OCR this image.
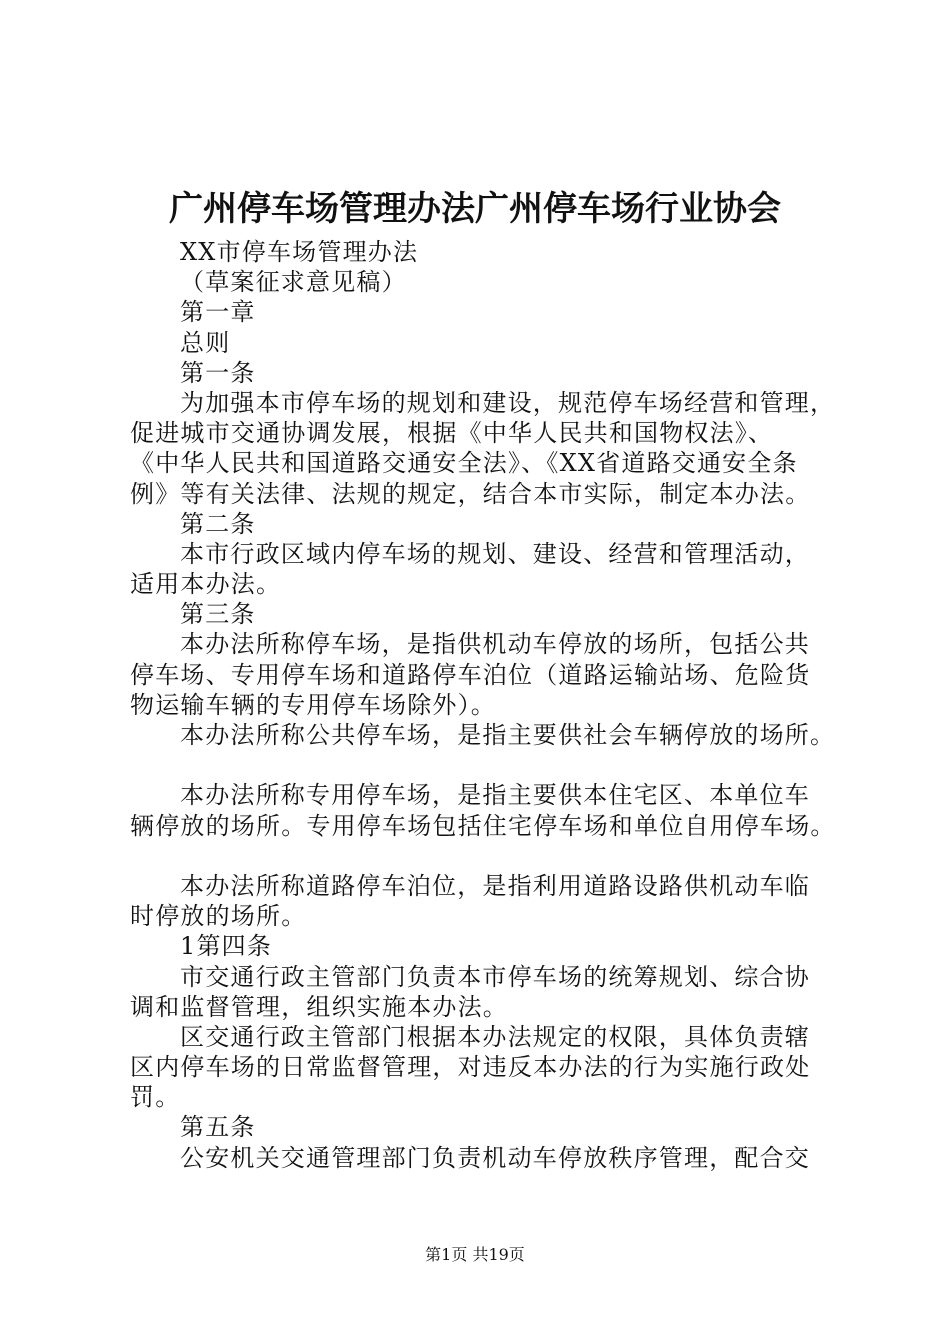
广州停车场管理办法广州停车场行业协会
XX市停车场管理办法
（草案征求意见稿）
第一章
总则
第一条
为加强本市停车场的规划和建设，规范停车场经营和管理，
促进城市交通协调发展，根据《中华人民共和国物权法》、
《中华人民共和国道路交通安全法》、《XX省道路交通安全条
例》等有关法律、法规的规定，结合本市实际，制定本办法。
第二条
本市行政区域内停车场的规划、建设、经营和管理活动，
适用本办法。
第三条
本办法所称停车场，是指供机动车停放的场所，包括公共
停车场、专用停车场和道路停车泊位（道路运输站场、危险货
物运输车辆的专用停车场除外）。
本办法所称公共停车场，是指主要供社会车辆停放的场所。
本办法所称专用停车场，是指主要供本住宅区、本单位车
辆停放的场所。专用停车场包括住宅停车场和单位自用停车场。
本办法所称道路停车泊位，是指利用道路设路供机动车临
时停放的场所。
1第四条
市交通行政主管部门负责本市停车场的统筹规划、综合协
调和监督管理，组织实施本办法。
区交通行政主管部门根据本办法规定的权限，具体负责辖
区内停车场的日常监督管理，对违反本办法的行为实施行政处
罚。
第五条
公安机关交通管理部门负责机动车停放秩序管理，配合交
第1页 共19页
